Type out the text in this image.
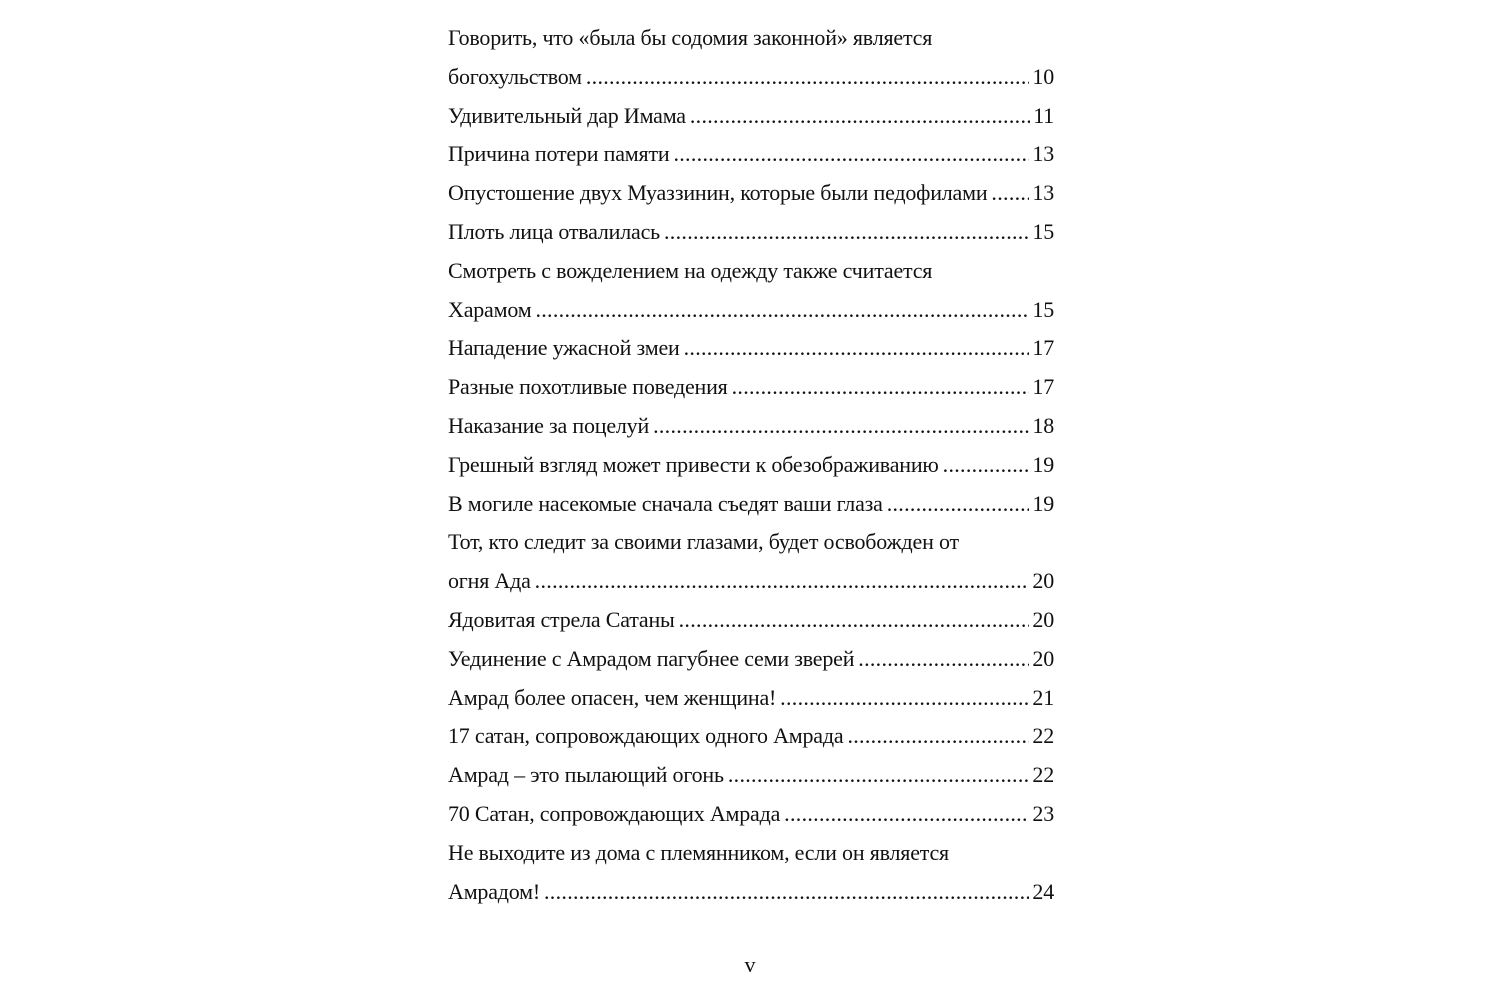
Говорить, что «была бы содомия законной» является
богохульством . . .	10
Удивительный дар Имама . . .	11
Причина потери памяти . . .	13
Опустошение двух Муаззинин, которые были педофилами . . . 13
Плоть лица отвалилась . . .	15
Смотреть с вожделением на одежду также считается
Харамом . . .	15
Нападение ужасной змеи . . .	17
Разные похотливые поведения . . .	17
Наказание за поцелуй . . .	18
Грешный взгляд может привести к обезображиванию . . .	19
В могиле насекомые сначала съедят ваши глаза . . .	19
Тот, кто следит за своими глазами, будет освобожден от
огня Ада . . .	20
Ядовитая стрела Сатаны . . .	20
Уединение с Амрадом пагубнее семи зверей . . .	20
Амрад более опасен, чем женщина! . . .	21
17 сатан, сопровождающих одного Амрада . . .	22
Амрад – это пылающий огонь . . .	22
70 Сатан, сопровождающих Амрада . . .	23
Не выходите из дома с племянником, если он является
Амрадом! . . .	24
v
